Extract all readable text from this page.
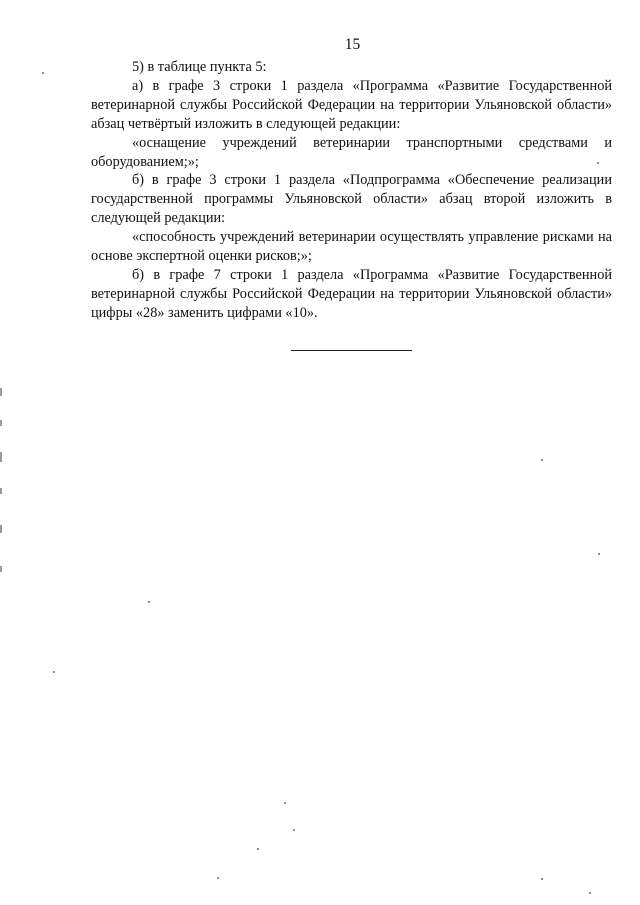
15

5) в таблице пункта 5:

а) в графе 3 строки 1 раздела «Программа «Развитие Государственной ветеринарной службы Российской Федерации на территории Ульяновской области» абзац четвёртый изложить в следующей редакции:

«оснащение учреждений ветеринарии транспортными средствами и оборудованием;»;

б) в графе 3 строки 1 раздела «Подпрограмма «Обеспечение реализации государственной программы Ульяновской области» абзац второй изложить в следующей редакции:

«способность учреждений ветеринарии осуществлять управление рисками на основе экспертной оценки рисков;»;

б) в графе 7 строки 1 раздела «Программа «Развитие Государственной ветеринарной службы Российской Федерации на территории Ульяновской области» цифры «28» заменить цифрами «10».
